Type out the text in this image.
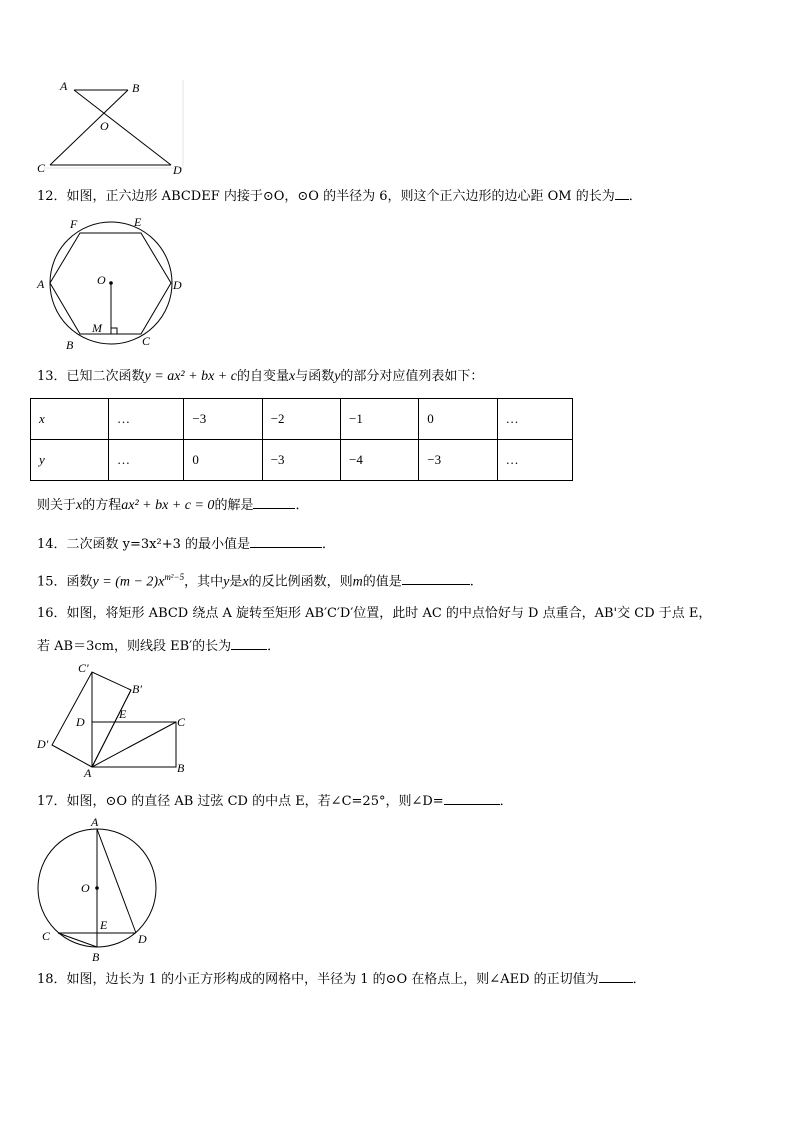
A	B
O
C	D
12．如图，正六边形 ABCDEF 内接于⊙O，⊙O 的半径为 6，则这个正六边形的边心距 OM 的长为 ．
F	E
A	O	D
M
B	C
13．已知二次函数y = ax² + bx + c的自变量x与函数y的部分对应值列表如下：
x	…	−3	−2	−1	0	…
y	…	0	−3	−4	−3	…
则关于x的方程ax² + bx + c = 0的解是	．
14．二次函数 y=3x²+3 的最小值是	．
15．函数$y = (m - 2)x^{m^2-5}$，其中y是x的反比例函数，则m的值是	.
16．如图，将矩形 ABCD 绕点 A 旋转至矩形 AB′C′D′位置，此时 AC 的中点恰好与 D 点重合，AB'交 CD 于点 E，
若 AB＝3cm，则线段 EB′的长为	．
C′
B′
D
E
C
D′
A	B
17．如图，⊙O 的直径 AB 过弦 CD 的中点 E，若∠C=25°，则∠D=	．
A
O
E
C	D
B
18．如图，边长为 1 的小正方形构成的网格中，半径为 1 的⊙O 在格点上，则∠AED 的正切值为	．
